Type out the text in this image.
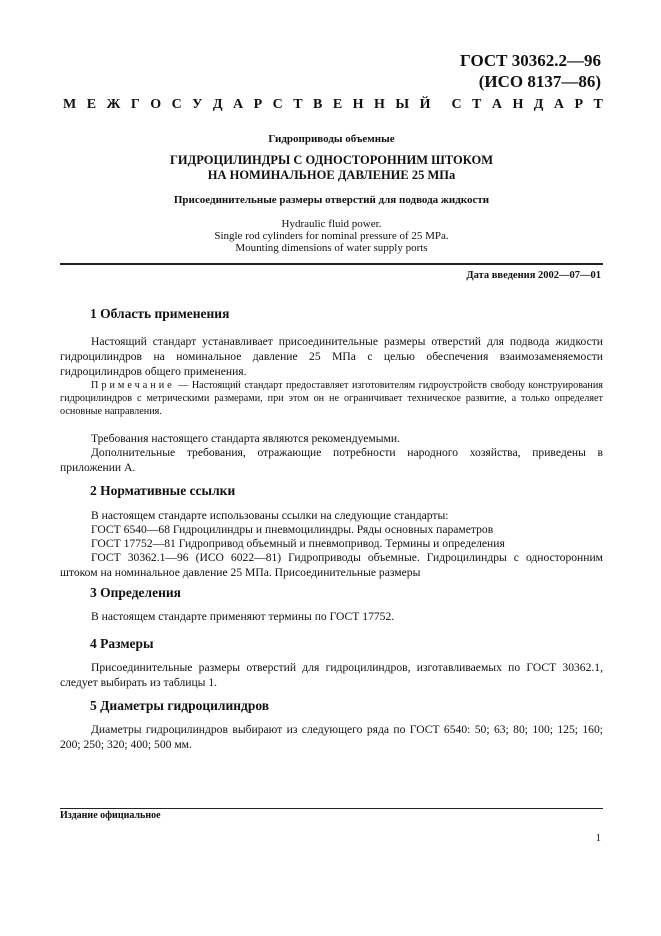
ГОСТ 30362.2—96
(ИСО 8137—86)
М Е Ж Г О С У Д А Р С Т В Е Н Н Ы Й С Т А Н Д А Р Т
Гидроприводы объемные
ГИДРОЦИЛИНДРЫ С ОДНОСТОРОННИМ ШТОКОМ
НА НОМИНАЛЬНОЕ ДАВЛЕНИЕ 25 МПа
Присоединительные размеры отверстий для подвода жидкости
Hydraulic fluid power.
Single rod cylinders for nominal pressure of 25 MPa.
Mounting dimensions of water supply ports
Дата введения 2002—07—01
1 Область применения
Настоящий стандарт устанавливает присоединительные размеры отверстий для подвода жидкости гидроцилиндров на номинальное давление 25 МПа с целью обеспечения взаимозаменяемости гидроцилиндров общего применения.
Примечание — Настоящий стандарт предоставляет изготовителям гидроустройств свободу конструирования гидроцилиндров с метрическими размерами, при этом он не ограничивает техническое развитие, а только определяет основные направления.
Требования настоящего стандарта являются рекомендуемыми.
Дополнительные требования, отражающие потребности народного хозяйства, приведены в приложении А.
2 Нормативные ссылки
В настоящем стандарте использованы ссылки на следующие стандарты:
ГОСТ 6540—68 Гидроцилиндры и пневмоцилиндры. Ряды основных параметров
ГОСТ 17752—81 Гидропривод объемный и пневмопривод. Термины и определения
ГОСТ 30362.1—96 (ИСО 6022—81) Гидроприводы объемные. Гидроцилиндры с односторонним штоком на номинальное давление 25 МПа. Присоединительные размеры
3 Определения
В настоящем стандарте применяют термины по ГОСТ 17752.
4 Размеры
Присоединительные размеры отверстий для гидроцилиндров, изготавливаемых по ГОСТ 30362.1, следует выбирать из таблицы 1.
5 Диаметры гидроцилиндров
Диаметры гидроцилиндров выбирают из следующего ряда по ГОСТ 6540: 50; 63; 80; 100; 125; 160; 200; 250; 320; 400; 500 мм.
Издание официальное
1
